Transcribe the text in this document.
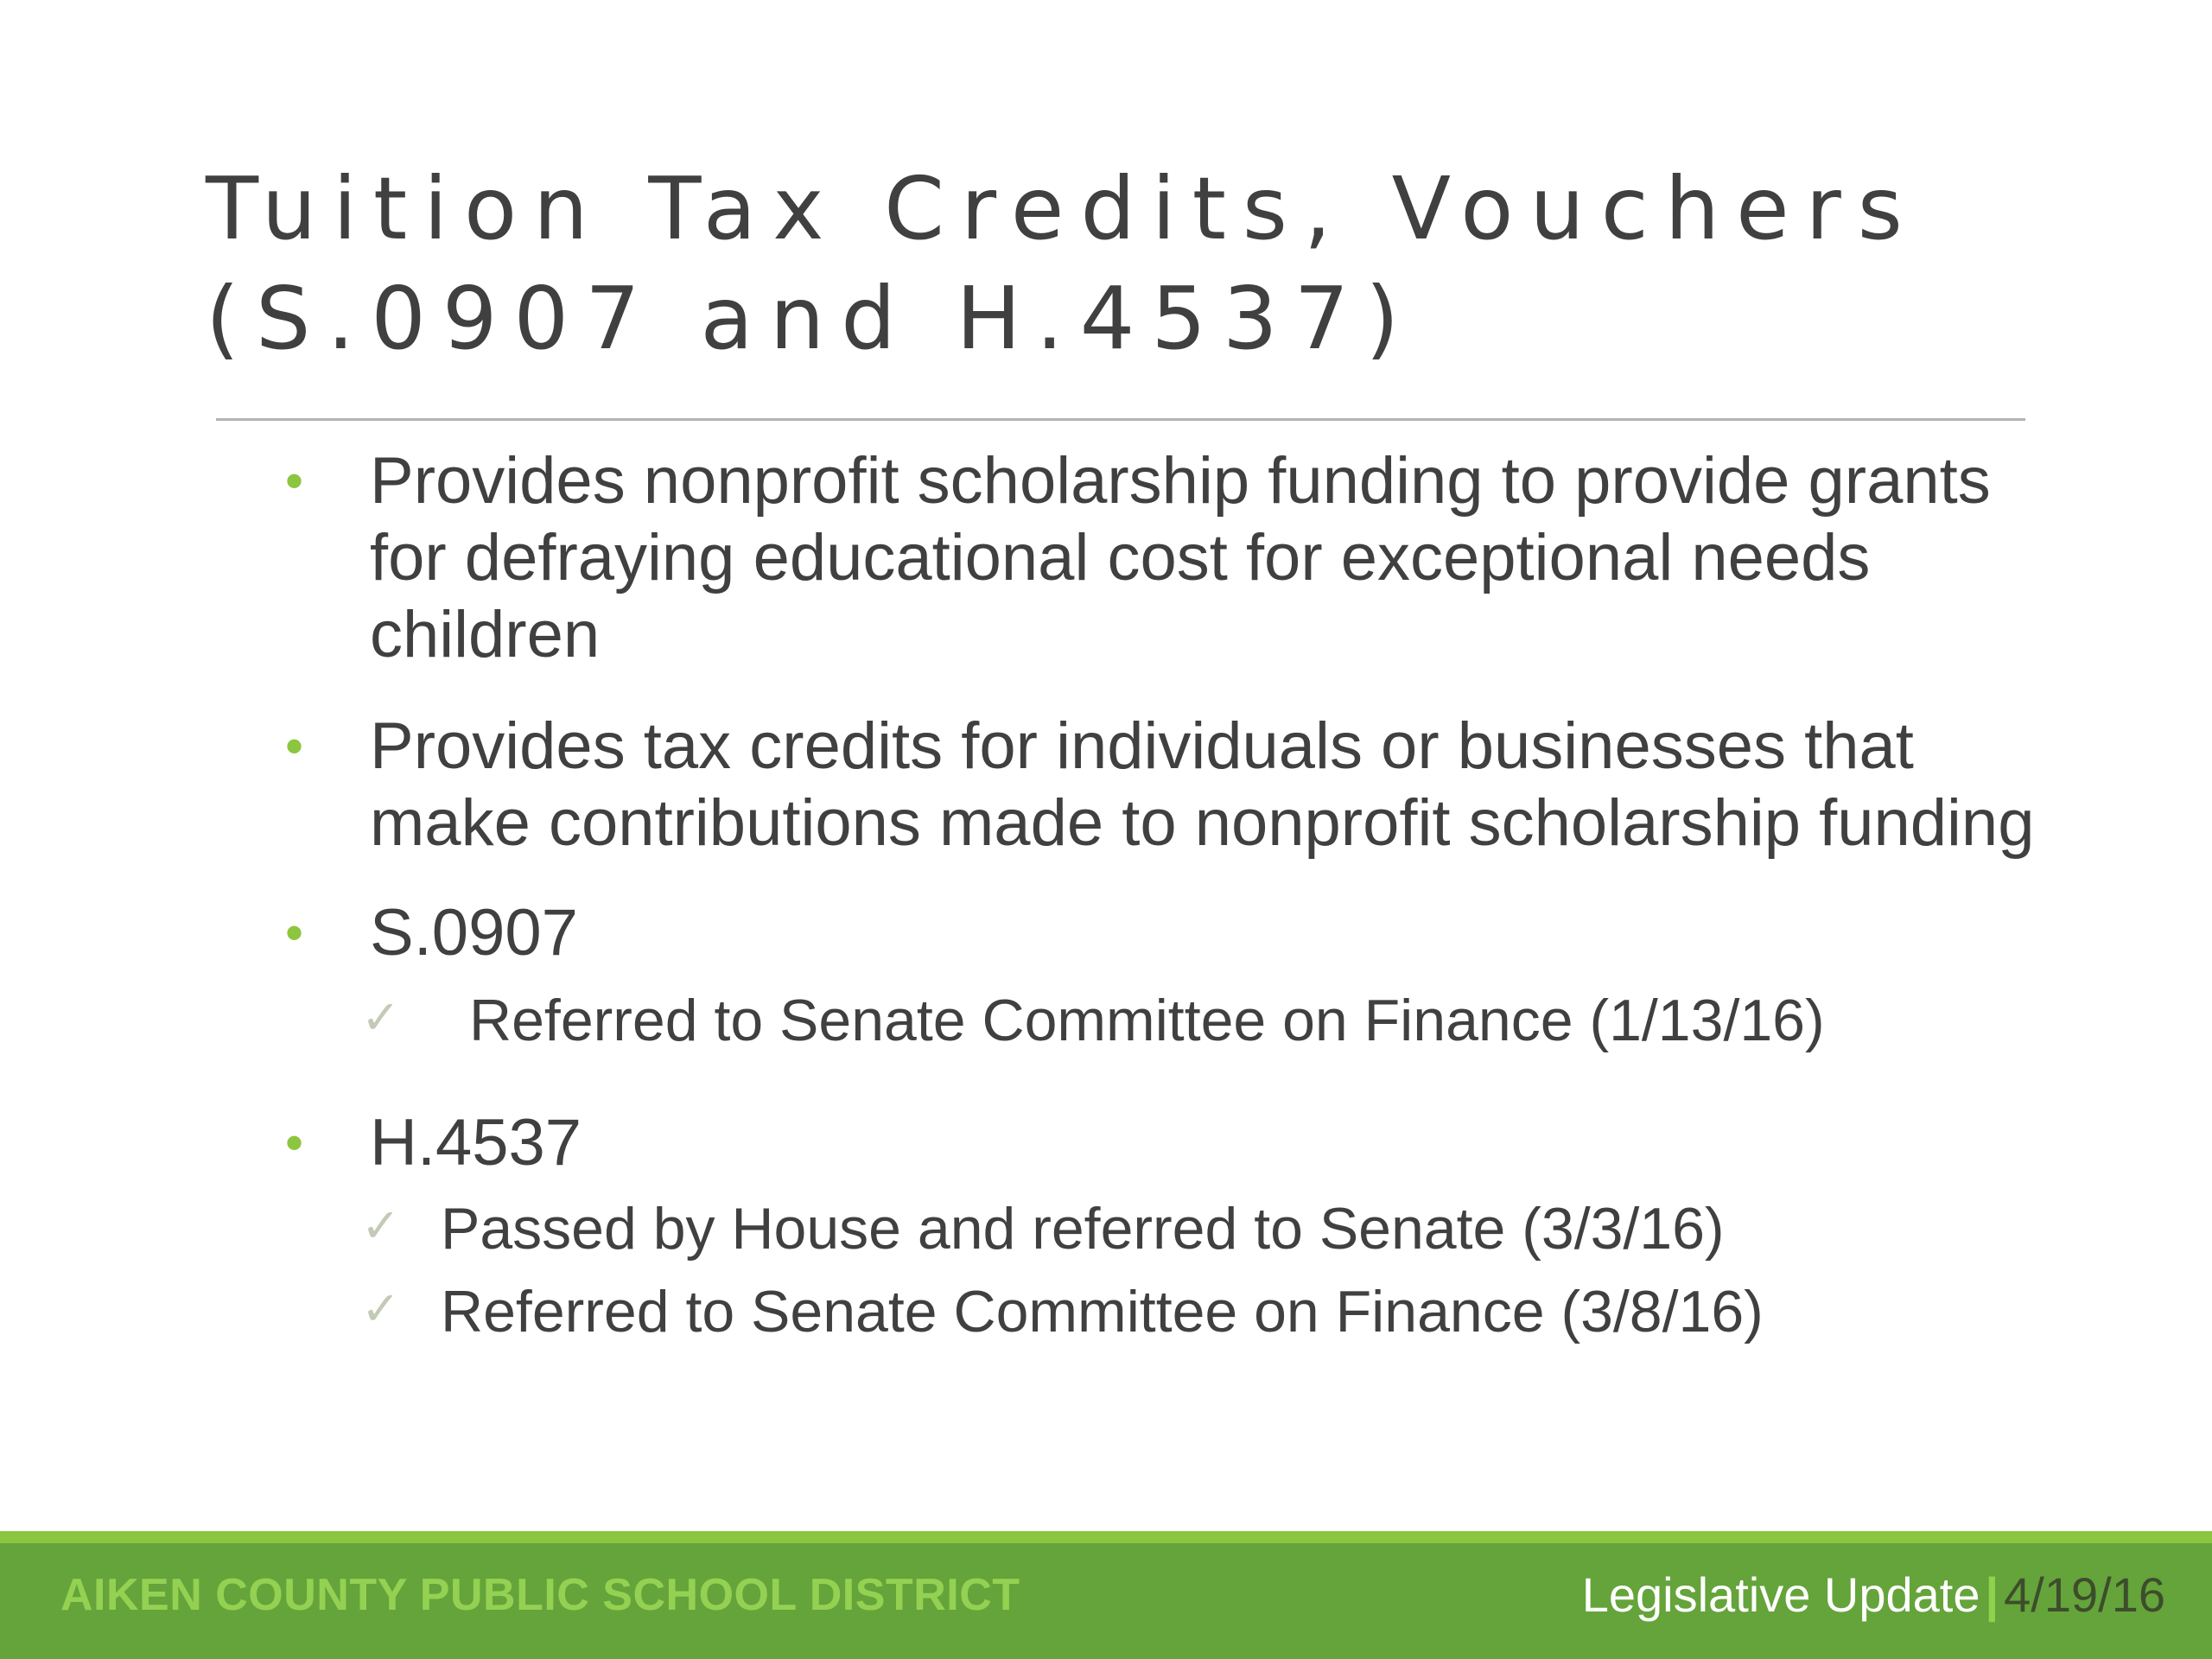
Tuition Tax Credits, Vouchers
(S.0907 and H.4537)
• Provides nonprofit scholarship funding to provide grants for defraying educational cost for exceptional needs children
• Provides tax credits for individuals or businesses that make contributions made to nonprofit scholarship funding
• S.0907
✓ Referred to Senate Committee on Finance (1/13/16)
• H.4537
✓ Passed by House and referred to Senate (3/3/16)
✓ Referred to Senate Committee on Finance (3/8/16)
AIKEN COUNTY PUBLIC SCHOOL DISTRICT	Legislative Update | 4/19/16
